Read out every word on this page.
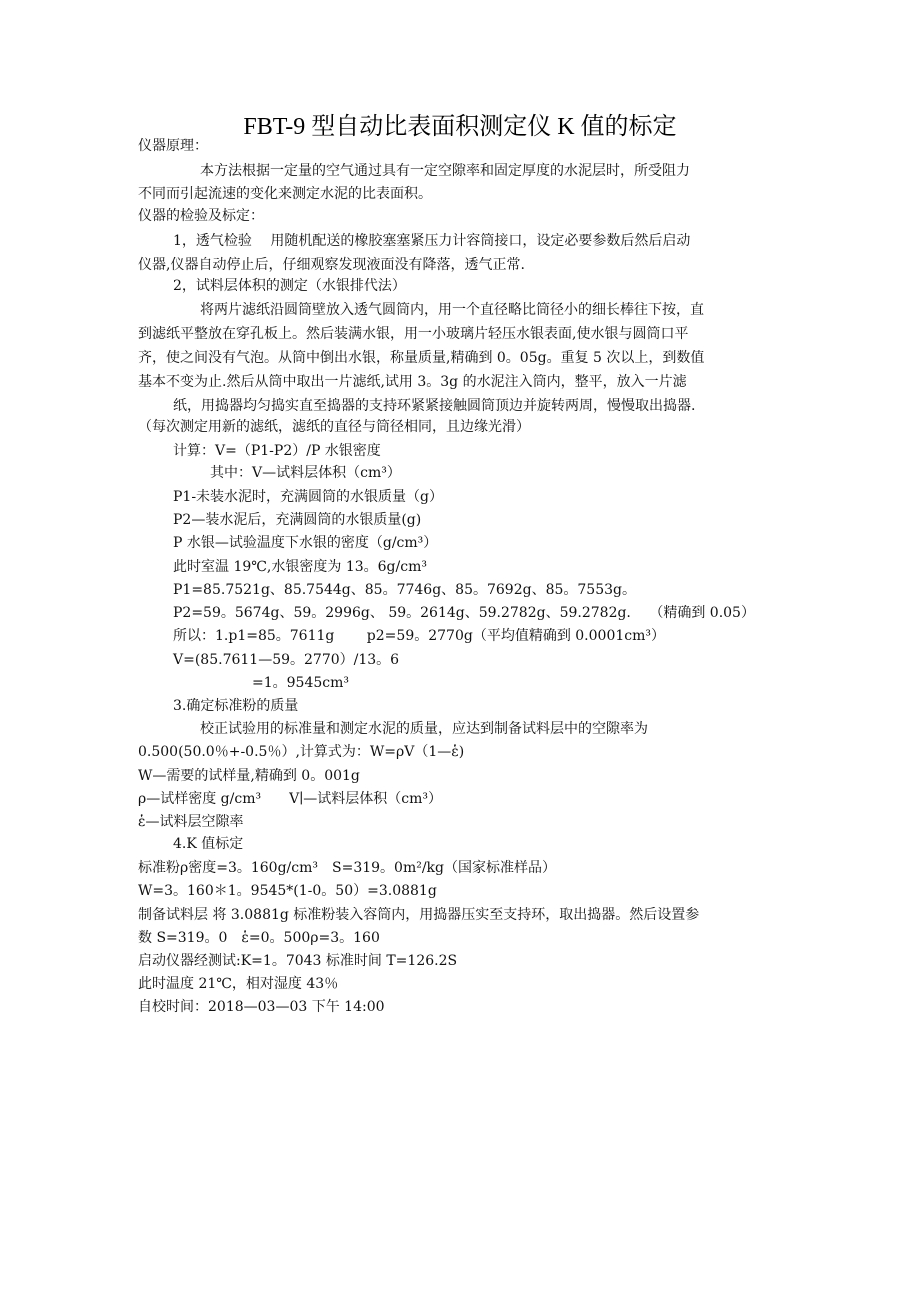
FBT-9 型自动比表面积测定仪 K 值的标定
仪器原理：
本方法根据一定量的空气通过具有一定空隙率和固定厚度的水泥层时，所受阻力
不同而引起流速的变化来测定水泥的比表面积。
仪器的检验及标定：
1，透气检验　 用随机配送的橡胶塞塞紧压力计容筒接口，设定必要参数后然后启动
仪器,仪器自动停止后，仔细观察发现液面没有降落，透气正常.
2，试料层体积的测定（水银排代法）
将两片滤纸沿圆筒壁放入透气圆筒内，用一个直径略比筒径小的细长棒往下按，直
到滤纸平整放在穿孔板上。然后装满水银，用一小玻璃片轻压水银表面,使水银与圆筒口平
齐，使之间没有气泡。从筒中倒出水银，称量质量,精确到 0。05g。重复 5 次以上，到数值
基本不变为止.然后从筒中取出一片滤纸,试用 3。3g 的水泥注入筒内，整平，放入一片滤
纸，用捣器均匀捣实直至捣器的支持环紧紧接触圆筒顶边并旋转两周，慢慢取出捣器.
（每次测定用新的滤纸，滤纸的直径与筒径相同，且边缘光滑）
计算：V=（P1-P2）/P 水银密度
其中：V—试料层体积（cm³）
P1-未装水泥时，充满圆筒的水银质量（g）
P2—装水泥后，充满圆筒的水银质量(g)
P 水银—试验温度下水银的密度（g/cm³）
此时室温 19℃,水银密度为 13。6g/cm³
P1=85.7521g、85.7544g、85。7746g、85。7692g、85。7553g。
P2=59。5674g、59。2996g、 59。2614g、59.2782g、59.2782g.　 （精确到 0.05）
所以：1.p1=85。7611g　　 p2=59。2770g（平均值精确到 0.0001cm³）
V=(85.7611—59。2770）/13。6
=1。9545cm³
3.确定标准粉的质量
校正试验用的标准量和测定水泥的质量，应达到制备试料层中的空隙率为
0.500(50.0％+-0.5％）,计算式为：W=ρV（1—ἑ)
W—需要的试样量,精确到 0。001g
ρ—试样密度 g/cm³　　V∣—试料层体积（cm³）
ἑ—试料层空隙率
4.K 值标定
标准粉ρ密度=3。160g/cm³　S=319。0m²/kg（国家标准样品）
W=3。160＊1。9545*(1-0。50）=3.0881g
制备试料层 将 3.0881g 标准粉装入容筒内，用捣器压实至支持环，取出捣器。然后设置参
数 S=319。0　ἑ=0。500ρ=3。160
启动仪器经测试:K=1。7043 标准时间 T=126.2S
此时温度 21℃，相对湿度 43％
自校时间：2018—03—03 下午 14:00
